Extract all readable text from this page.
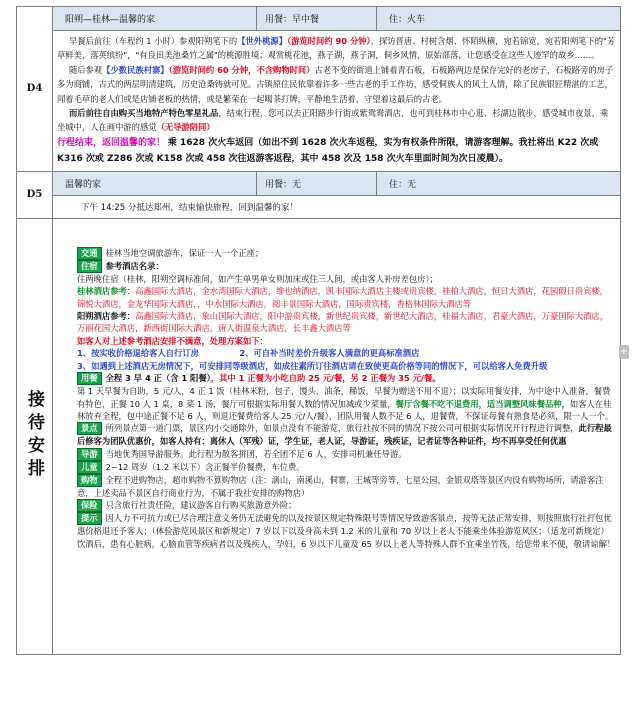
D4
阳朔—桂林—温馨的家	用餐：早中餐	住：火车

早餐后前往（车程约 1 小时）参观阳朔笔下的【世外桃源】（游览时间约 90 分钟），探访晋唐、村树含烟、怀陌纵横，宛若锦宽，宛若阳朔笔下的"芳草鲜美，落英缤纷"，"有良田美池桑竹之属"的桃源胜境；观赏桃花池，燕子湖，燕子洞，侗乡风情，原始部落，让您感受在这些人迹罕的故乡……。

随后参观【少数民族村寨】（游览时间约 60 分钟，不含购物时间）古老不变的街道上铺着青石板，石板路两边是保存完好的老房子，石板路旁的房子多为商铺，古式的两层明清建筑，历史沧桑铸就可见。古镇原住民依靠着许多一些古老的手工作坊，感受侗族人的风土人情，除了民族银匠精湛的工艺，闻着毛草的老人们或是店铺老板的热情，或是繁荣在一起喝茶打牌，平静地生活着，守望着这最后的古老。

而后前往自由购买当地特产特色零星礼品，结束行程，您可以去正阳路步行街或紫鸳鸯酒店，也可到桂林市中心逛、杉湖边散步，感受城市夜景，乘坐城中，人在画中游的感觉（无导游陪同）

行程结束，返回温馨的家！ 乘 1628 次火车返回（如出不到 1628 次火车返程，实为有权条件所限，请游客理解。我社将出 K22 次或 K316 次或 Z286 次或 K158 次或 458 次往返游客返程，其中 458 次及 158 次火车里面时间为次日凌晨）。

D5
温馨的家	用餐：无	住：无
下午 14:25 分抵达郑州，结束愉快旅程，回到温馨的家！
接待安排
交通 桂林当地空调旅游车，保证一人一个正座；
住宿 参考酒店名录：
住两晚住宿（桂林，阳朔空调标准间，如产生单男单女则加床或住三人间，或由客人补房差包房）；
桂林酒店参考：高鑫国际大酒店，金水湾国际大酒店，维也纳酒店，凯丰国际大酒店主楼或贵宾楼，桂柏大酒店，恒日大酒店，花园假日贵宾楼，锦悦大酒店，金龙华国际大酒店，，中水国际大酒店，阅丰景国际大酒店，国际贵宾楼，香格林国际大酒店等
阳朔酒店参考：高鑫国际大酒店，象山国际大酒店，阳中游贵宾楼，新世纪贵宾楼，新世纪大酒店，桂福大酒店，君豪大酒店，万豪国际大酒店，万丽花园大酒店，新西街国际大酒店，唐人街温泉大酒店，长丰鑫大酒店等
如客人对上述参考酒店安排不满意，处理方案如下：
1、按实收价格退给客人自行订房	2、可自补当时差价升级客人满意的更高标准酒店
3、如遇到上述酒店无房情况下，可安排同等级酒店，如成往素所订往酒店请在致使更高价格等同的情况下，可以给客人免费升级
用餐 全程 3 早 4 正（含 1 阳餐），其中 1 正餐为小吃自助 25 元/餐，另 2 正餐为 35 元/餐。
第 1 天早餐为自助，5 元/人，4 正 1 饭（桂林米粉，包子，馒头，油条，稀饭，早餐为赠送不用不退）；以实际用餐安排，为中途中入准备，餐费有特色，正餐 10 人 1 桌，8 菜 1 汤，餐厅可根据实际用餐人数的情况加减或少菜量，餐厅含餐不吃不退费用，适当调整风味餐品种，如客人在桂林放弃全程，包中途正餐不足 6 人，则退还餐费给客人 25 元/人/餐），团队用餐人数不足 6 人，退餐费，不保证每餐有熟食是必须，限一人一个。
景点 所列景点第一道门票，景区内小交通除外，如景点没有不能游览，旅行社按不同的情况下按公司可根据实际情况开行程进行调整，此行程最后修客为团队优惠价，如客人持有：离休人（军残）证，学生证，老人证，导游证，残疾证，记者证等各种证件，均不再享受任何优惠
导游 当地优秀国导游服务。此行程为散客拼团，若全团不足 6 人，安排司机兼任导游。
儿童 2~12 周岁（1.2 米以下）含正餐半价餐费，车位费。
购物 全程不进购物店，超市购物不算购物店（注：漓山，南溪山，侗寨，王城等旁等，七星公园，金银双塔等景区内设有购物场所，请游客注意，上述卖品不景区自行商业行为，不属于我社安排的购物店）
保险 只含旅行社责任险，建议游客自行购买旅游意外险；
提示 因人力不可抗力或已尽合理注意义务仍无法避免的以及按景区规定特殊限号等情况导致游客景点，按等无法正常安排，则按照旅行社打包优惠价格退还予客人；（体验游览风景区和新规定）7 岁以下以及身高未到 1.2 米的儿童和 70 岁以上老人不能乘坐体验游览风区；（适龙可新规定）饮酒后，患有心脏病，心脑血管等疾病者以及残疾人，孕妇，6 岁以下儿童及 65 岁以上老人等特殊人群不宜乘坐竹筏，给您带来不便，敬请谅解！
+
